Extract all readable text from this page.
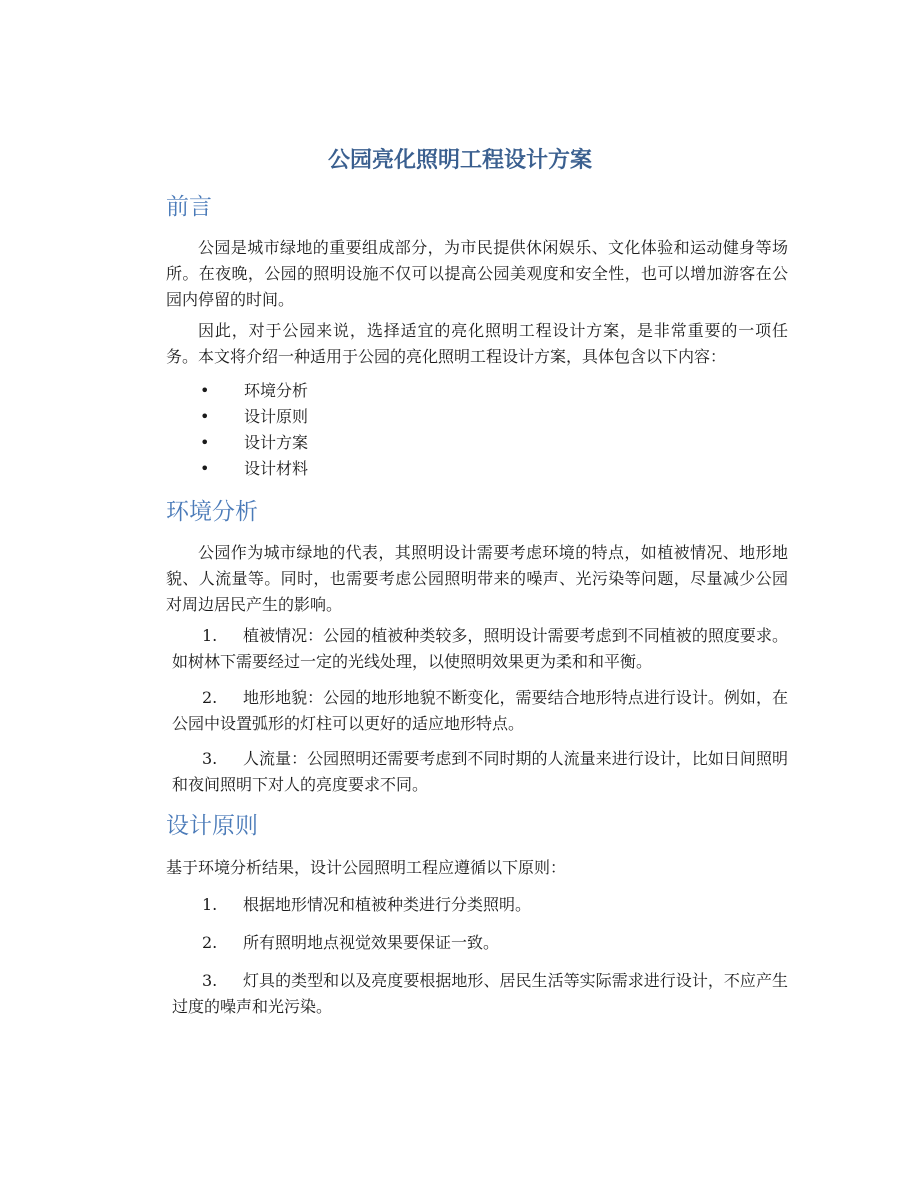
公园亮化照明工程设计方案
前言

公园是城市绿地的重要组成部分，为市民提供休闲娱乐、文化体验和运动健身等场所。在夜晚，公园的照明设施不仅可以提高公园美观度和安全性，也可以增加游客在公园内停留的时间。

因此，对于公园来说，选择适宜的亮化照明工程设计方案，是非常重要的一项任务。本文将介绍一种适用于公园的亮化照明工程设计方案，具体包含以下内容：

• 环境分析

• 设计原则

• 设计方案

• 设计材料

环境分析

公园作为城市绿地的代表，其照明设计需要考虑环境的特点，如植被情况、地形地貌、人流量等。同时，也需要考虑公园照明带来的噪声、光污染等问题，尽量减少公园对周边居民产生的影响。

1. 植被情况：公园的植被种类较多，照明设计需要考虑到不同植被的照度要求。如树林下需要经过一定的光线处理，以使照明效果更为柔和和平衡。

2. 地形地貌：公园的地形地貌不断变化，需要结合地形特点进行设计。例如，在公园中设置弧形的灯柱可以更好的适应地形特点。

3. 人流量：公园照明还需要考虑到不同时期的人流量来进行设计，比如日间照明和夜间照明下对人的亮度要求不同。

设计原则

基于环境分析结果，设计公园照明工程应遵循以下原则：

1. 根据地形情况和植被种类进行分类照明。

2. 所有照明地点视觉效果要保证一致。

3. 灯具的类型和以及亮度要根据地形、居民生活等实际需求进行设计，不应产生过度的噪声和光污染。
